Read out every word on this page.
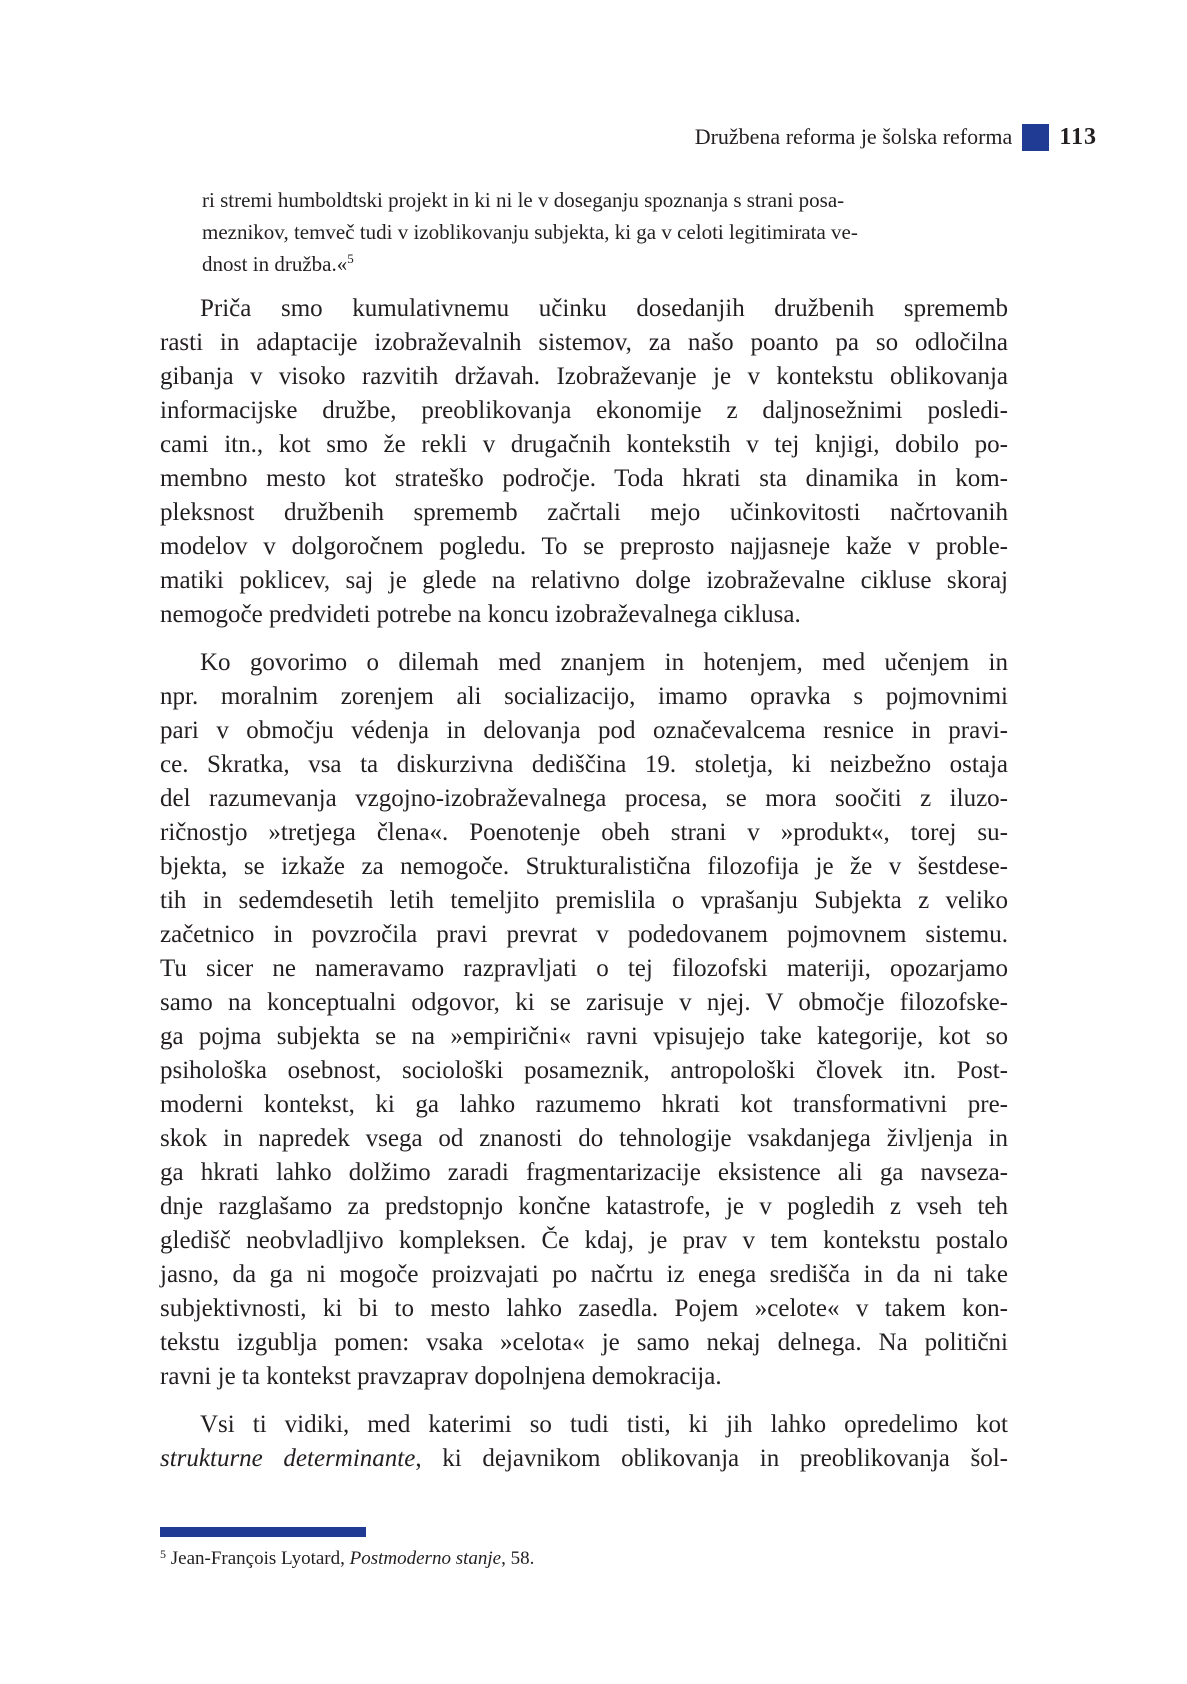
Družbena reforma je šolska reforma 113
ri stremi humboldtski projekt in ki ni le v doseganju spoznanja s strani posa-
meznikov, temveč tudi v izoblikovanju subjekta, ki ga v celoti legitimirata ve-
dnost in družba.«$^5$
Priča smo kumulativnemu učinku dosedanjih družbenih sprememb
rasti in adaptacije izobraževalnih sistemov, za našo poanto pa so odločilna
gibanja v visoko razvitih državah. Izobraževanje je v kontekstu oblikovanja
informacijske družbe, preoblikovanja ekonomije z daljnosežnimi posledi-
cami itn., kot smo že rekli v drugačnih kontekstih v tej knjigi, dobilo po-
membno mesto kot strateško področje. Toda hkrati sta dinamika in kom-
pleksnost družbenih sprememb začrtali mejo učinkovitosti načrtovanih
modelov v dolgoročnem pogledu. To se preprosto najjasneje kaže v proble-
matiki poklicev, saj je glede na relativno dolge izobraževalne cikluse skoraj
nemogoče predvideti potrebe na koncu izobraževalnega ciklusa.
Ko govorimo o dilemah med znanjem in hotenjem, med učenjem in
npr. moralnim zorenjem ali socializacijo, imamo opravka s pojmovnimi
pari v območju védenja in delovanja pod označevalcema resnice in pravi-
ce. Skratka, vsa ta diskurzivna dediščina 19. stoletja, ki neizbežno ostaja
del razumevanja vzgojno-izobraževalnega procesa, se mora soočiti z iluzo-
ričnostjo »tretjega člena«. Poenotenje obeh strani v »produkt«, torej su-
bjekta, se izkaže za nemogoče. Strukturalistična filozofija je že v šestdese-
tih in sedemdesetih letih temeljito premislila o vprašanju Subjekta z veliko
začetnico in povzročila pravi prevrat v podedovanem pojmovnem sistemu.
Tu sicer ne nameravamo razpravljati o tej filozofski materiji, opozarjamo
samo na konceptualni odgovor, ki se zarisuje v njej. V območje filozofske-
ga pojma subjekta se na »empirični« ravni vpisujejo take kategorije, kot so
psihološka osebnost, sociološki posameznik, antropološki človek itn. Post-
moderni kontekst, ki ga lahko razumemo hkrati kot transformativni pre-
skok in napredek vsega od znanosti do tehnologije vsakdanjega življenja in
ga hkrati lahko dolžimo zaradi fragmentarizacije eksistence ali ga navseza-
dnje razglašamo za predstopnjo končne katastrofe, je v pogledih z vseh teh
gledišč neobvladljivo kompleksen. Če kdaj, je prav v tem kontekstu postalo
jasno, da ga ni mogoče proizvajati po načrtu iz enega središča in da ni take
subjektivnosti, ki bi to mesto lahko zasedla. Pojem »celote« v takem kon-
tekstu izgublja pomen: vsaka »celota« je samo nekaj delnega. Na politični
ravni je ta kontekst pravzaprav dopolnjena demokracija.
Vsi ti vidiki, med katerimi so tudi tisti, ki jih lahko opredelimo kot
strukturne determinante, ki dejavnikom oblikovanja in preoblikovanja šol-
$^5$ Jean-François Lyotard, Postmoderno stanje, 58.
